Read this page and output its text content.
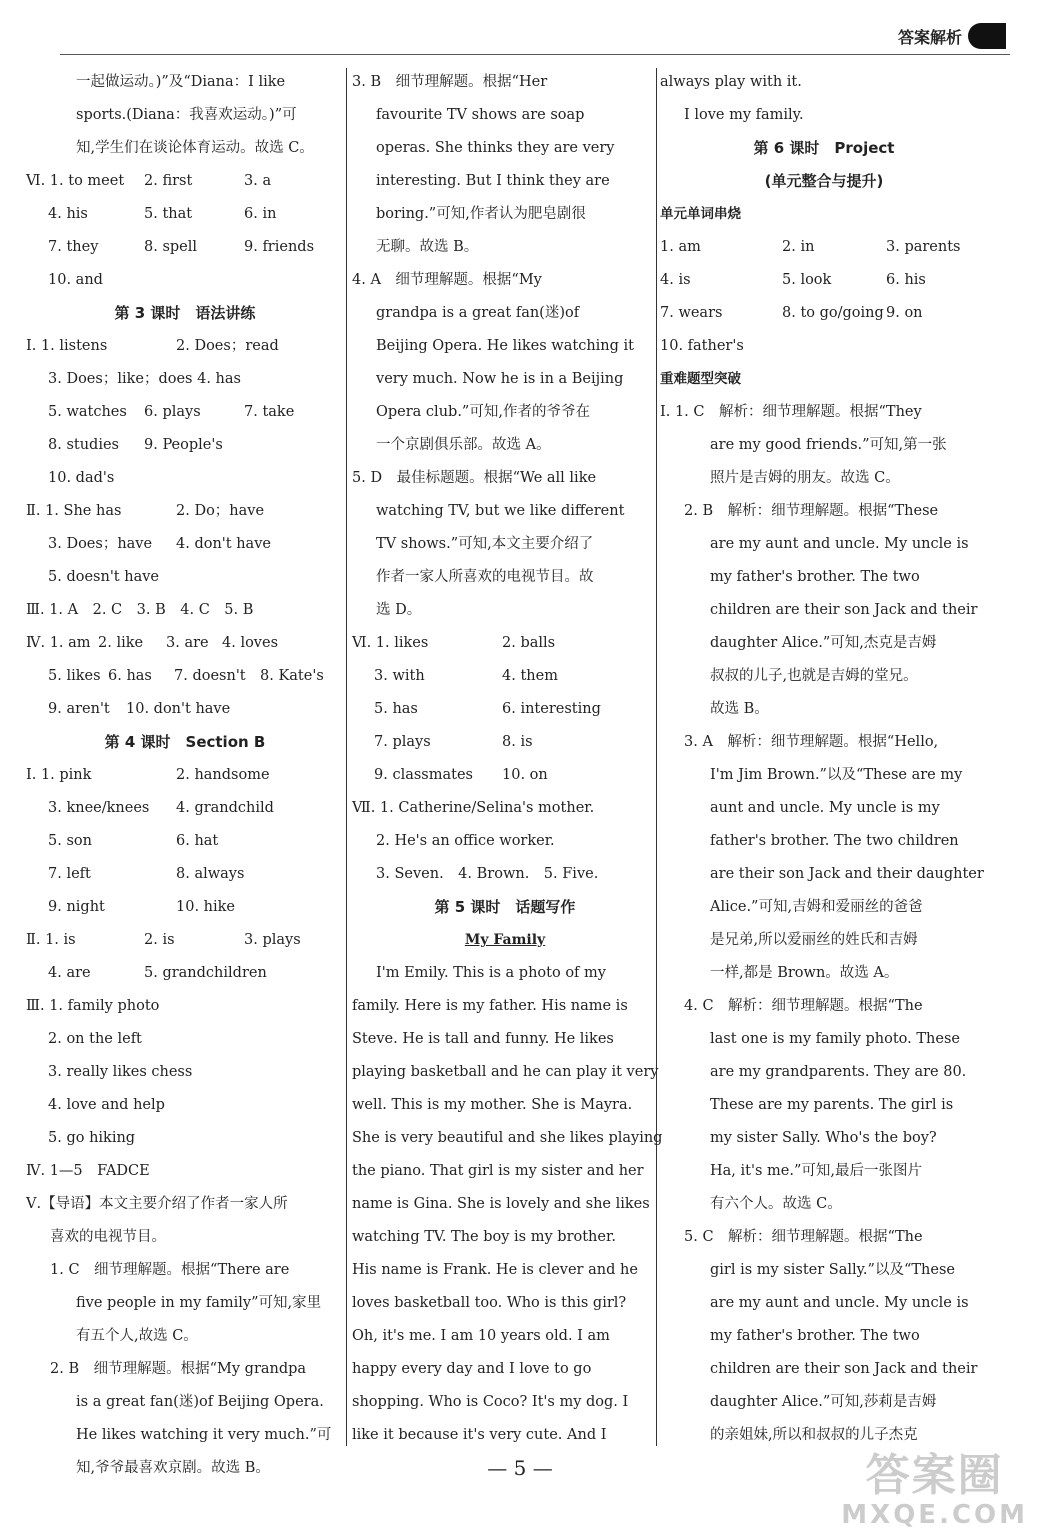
答案解析
一起做运动。)”及“Diana：I like
sports.(Diana：我喜欢运动。)”可
知,学生们在谈论体育运动。故选 C。
Ⅵ. 1. to meet 2. first	3. a
4. his	5. that	6. in
7. they	8. spell	9. friends
10. and
第 3 课时　语法讲练
Ⅰ. 1. listens	2. Does；read
3. Does；like；does 4. has
5. watches 6. plays	7. take
8. studies 9. People's
10. dad's
Ⅱ. 1. She has	2. Do；have
3. Does；have 4. don't have
5. doesn't have
Ⅲ. 1. A　2. C　3. B　4. C　5. B
Ⅳ. 1. am 2. like 3. are 4. loves
5. likes 6. has 7. doesn't 8. Kate's
9. aren't 10. don't have
第 4 课时　Section B
Ⅰ. 1. pink	2. handsome
3. knee/knees 4. grandchild
5. son	6. hat
7. left	8. always
9. night	10. hike
Ⅱ. 1. is	2. is	3. plays
4. are	5. grandchildren
Ⅲ. 1. family photo
2. on the left
3. really likes chess
4. love and help
5. go hiking
Ⅳ. 1—5　FADCE
Ⅴ.【导语】本文主要介绍了作者一家人所
喜欢的电视节目。
1. C　细节理解题。根据“There are
five people in my family”可知,家里
有五个人,故选 C。
2. B　细节理解题。根据“My grandpa
is a great fan(迷)of Beijing Opera.
He likes watching it very much.”可
知,爷爷最喜欢京剧。故选 B。
3. B　细节理解题。根据“Her
favourite TV shows are soap
operas. She thinks they are very
interesting. But I think they are
boring.”可知,作者认为肥皂剧很
无聊。故选 B。
4. A　细节理解题。根据“My
grandpa is a great fan(迷)of
Beijing Opera. He likes watching it
very much. Now he is in a Beijing
Opera club.”可知,作者的爷爷在
一个京剧俱乐部。故选 A。
5. D　最佳标题题。根据“We all like
watching TV, but we like different
TV shows.”可知,本文主要介绍了
作者一家人所喜欢的电视节目。故
选 D。
Ⅵ. 1. likes	2. balls
3. with	4. them
5. has	6. interesting
7. plays	8. is
9. classmates 10. on
Ⅶ. 1. Catherine/Selina's mother.
2. He's an office worker.
3. Seven.　4. Brown.　5. Five.
第 5 课时　话题写作
My Family
I'm Emily. This is a photo of my
family. Here is my father. His name is
Steve. He is tall and funny. He likes
playing basketball and he can play it very
well. This is my mother. She is Mayra.
She is very beautiful and she likes playing
the piano. That girl is my sister and her
name is Gina. She is lovely and she likes
watching TV. The boy is my brother.
His name is Frank. He is clever and he
loves basketball too. Who is this girl?
Oh, it's me. I am 10 years old. I am
happy every day and I love to go
shopping. Who is Coco? It's my dog. I
like it because it's very cute. And I
always play with it.
I love my family.
第 6 课时　Project
(单元整合与提升)
单元单词串烧
1. am	2. in	3. parents
4. is	5. look	6. his
7. wears	8. to go/going 9. on
10. father's
重难题型突破
Ⅰ. 1. C　解析：细节理解题。根据“They
are my good friends.”可知,第一张
照片是吉姆的朋友。故选 C。
2. B　解析：细节理解题。根据“These
are my aunt and uncle. My uncle is
my father's brother. The two
children are their son Jack and their
daughter Alice.”可知,杰克是吉姆
叔叔的儿子,也就是吉姆的堂兄。
故选 B。
3. A　解析：细节理解题。根据“Hello,
I'm Jim Brown.”以及“These are my
aunt and uncle. My uncle is my
father's brother. The two children
are their son Jack and their daughter
Alice.”可知,吉姆和爱丽丝的爸爸
是兄弟,所以爱丽丝的姓氏和吉姆
一样,都是 Brown。故选 A。
4. C　解析：细节理解题。根据“The
last one is my family photo. These
are my grandparents. They are 80.
These are my parents. The girl is
my sister Sally. Who's the boy?
Ha, it's me.”可知,最后一张图片
有六个人。故选 C。
5. C　解析：细节理解题。根据“The
girl is my sister Sally.”以及“These
are my aunt and uncle. My uncle is
my father's brother. The two
children are their son Jack and their
daughter Alice.”可知,莎莉是吉姆
的亲姐妹,所以和叔叔的儿子杰克
— 5 —	答案圈
MXQE.COM
